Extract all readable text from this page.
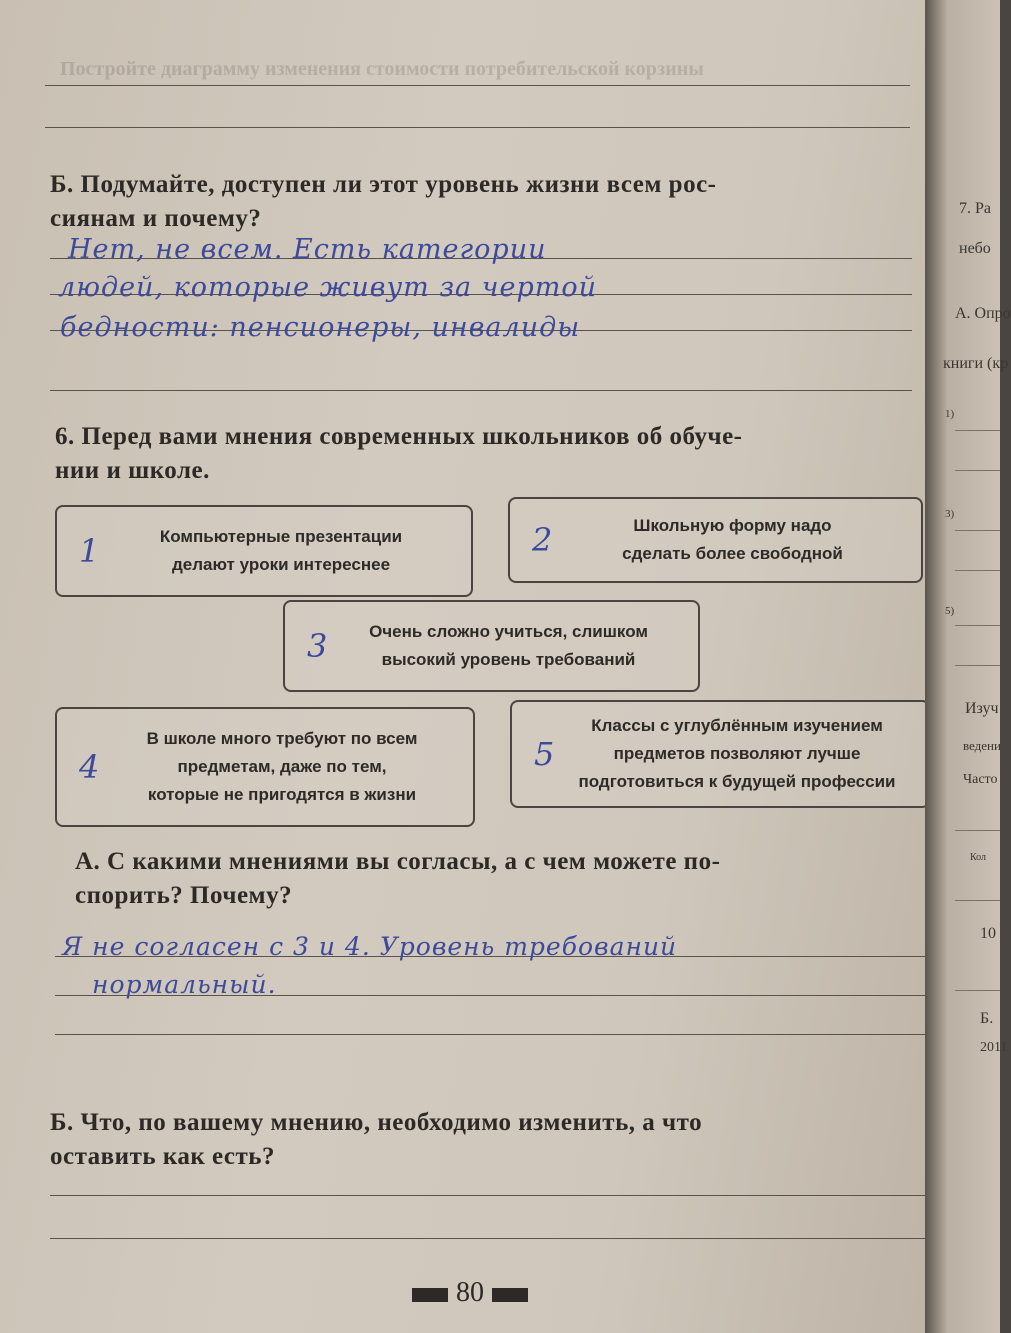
Постройте диаграмму изменения стоимости потребительской корзины
Б. Подумайте, доступен ли этот уровень жизни всем рос-
сиянам и почему?
Нет, не всем. Есть категории
людей, которые живут за чертой
бедности: пенсионеры, инвалиды
6. Перед вами мнения современных школьников об обуче-
нии и школе.
1	Компьютерные презентации
делают уроки интереснее
2	Школьную форму надо
сделать более свободной
3 Очень сложно учиться, слишком
высокий уровень требований
4
В школе много требуют по всем
предметам, даже по тем,
которые не пригодятся в жизни
5
Классы с углублённым изучением
предметов позволяют лучше
подготовиться к будущей профессии
А. С какими мнениями вы согласы, а с чем можете по-
спорить? Почему?
Я не согласен с 3 и 4. Уровень требований
нормальный.
Б. Что, по вашему мнению, необходимо изменить, а что
оставить как есть?
80
7. Ра
небо
А. Опро
книги (кр
1)
3)
5)
Изуч
ведени
Часто
Кол
10
Б.
2011
